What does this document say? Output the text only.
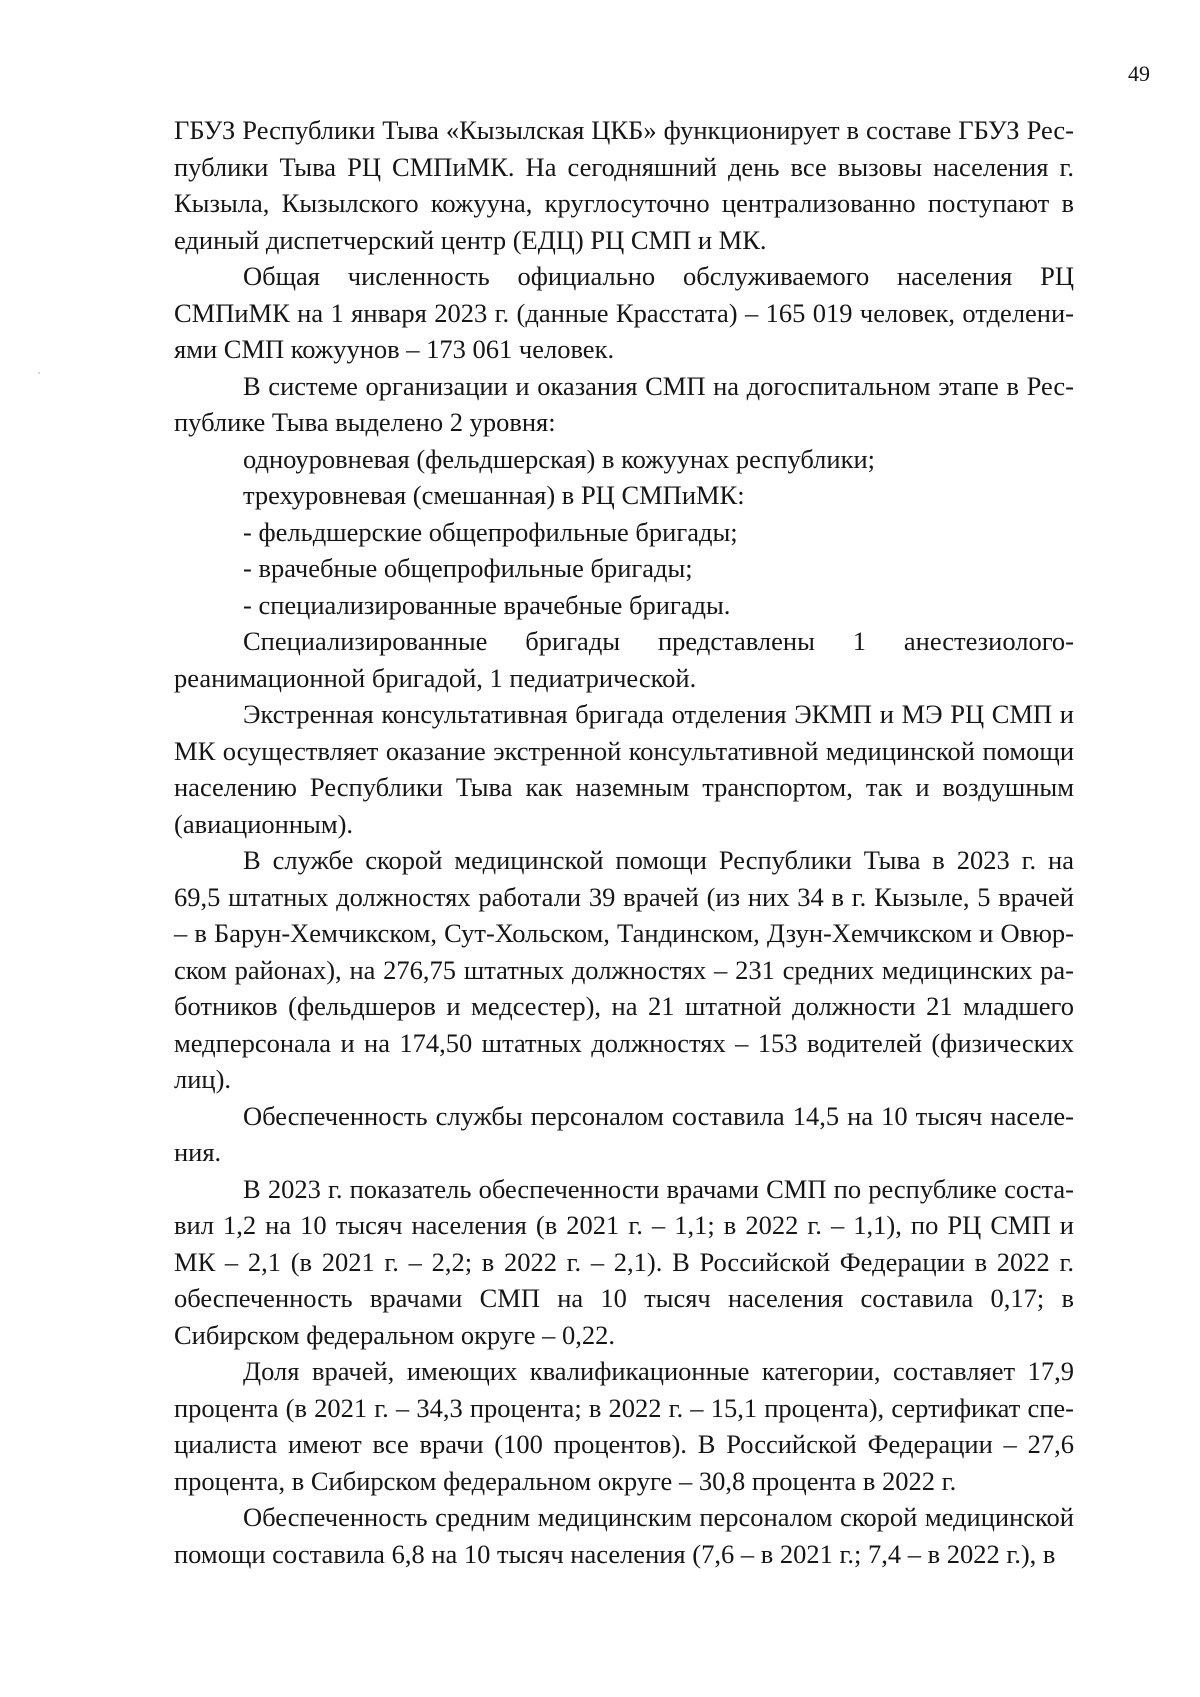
49

ГБУЗ Республики Тыва «Кызылская ЦКБ» функционирует в составе ГБУЗ Республики Тыва РЦ СМПиМК. На сегодняшний день все вызовы населения г. Кызыла, Кызылского кожууна, круглосуточно централизованно поступают в единый диспетчерский центр (ЕДЦ) РЦ СМП и МК.

Общая численность официально обслуживаемого населения РЦ СМПиМК на 1 января 2023 г. (данные Красстата) – 165 019 человек, отделениями СМП кожуунов – 173 061 человек.

В системе организации и оказания СМП на догоспитальном этапе в Республике Тыва выделено 2 уровня:

одноуровневая (фельдшерская) в кожуунах республики;

трехуровневая (смешанная) в РЦ СМПиМК:

- фельдшерские общепрофильные бригады;

- врачебные общепрофильные бригады;

- специализированные врачебные бригады.

Специализированные бригады представлены 1 анестезиолого-реанимационной бригадой, 1 педиатрической.

Экстренная консультативная бригада отделения ЭКМП и МЭ РЦ СМП и МК осуществляет оказание экстренной консультативной медицинской помощи населению Республики Тыва как наземным транспортом, так и воздушным (авиационным).

В службе скорой медицинской помощи Республики Тыва в 2023 г. на 69,5 штатных должностях работали 39 врачей (из них 34 в г. Кызыле, 5 врачей – в Барун-Хемчикском, Сут-Хольском, Тандинском, Дзун-Хемчикском и Овюрском районах), на 276,75 штатных должностях – 231 средних медицинских работников (фельдшеров и медсестер), на 21 штатной должности 21 младшего медперсонала и на 174,50 штатных должностях – 153 водителей (физических лиц).

Обеспеченность службы персоналом составила 14,5 на 10 тысяч населения.

В 2023 г. показатель обеспеченности врачами СМП по республике составил 1,2 на 10 тысяч населения (в 2021 г. – 1,1; в 2022 г. – 1,1), по РЦ СМП и МК – 2,1 (в 2021 г. – 2,2; в 2022 г. – 2,1). В Российской Федерации в 2022 г. обеспеченность врачами СМП на 10 тысяч населения составила 0,17; в Сибирском федеральном округе – 0,22.

Доля врачей, имеющих квалификационные категории, составляет 17,9 процента (в 2021 г. – 34,3 процента; в 2022 г. – 15,1 процента), сертификат специалиста имеют все врачи (100 процентов). В Российской Федерации – 27,6 процента, в Сибирском федеральном округе – 30,8 процента в 2022 г.

Обеспеченность средним медицинским персоналом скорой медицинской помощи составила 6,8 на 10 тысяч населения (7,6 – в 2021 г.; 7,4 – в 2022 г.), в
